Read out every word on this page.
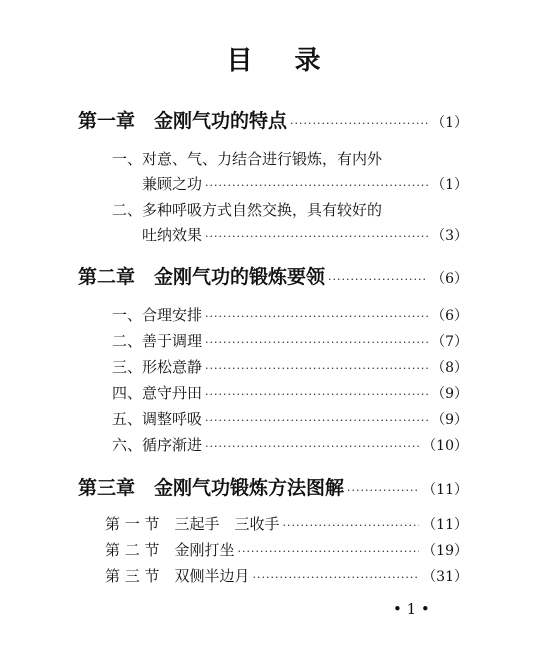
目 录
第一章　金刚气功的特点 ·····	（1）
一、对意、气、力结合进行锻炼，有内外
兼顾之功 ·····	（1）
二、多种呼吸方式自然交换，具有较好的
吐纳效果 ·····	（3）
第二章　金刚气功的锻炼要领 ·····	（6）
一、合理安排 ·····	（6）
二、善于调理 ·····	（7）
三、形松意静 ·····	（8）
四、意守丹田 ·····	（9）
五、调整呼吸 ·····	（9）
六、循序渐进 ·····	（10）
第三章　金刚气功锻炼方法图解 ·····	（11）
第 一 节　三起手　三收手 ·····	（11）
第 二 节　金刚打坐 ·····	（19）
第 三 节　双侧半边月 ·····	（31）
• 1 •
